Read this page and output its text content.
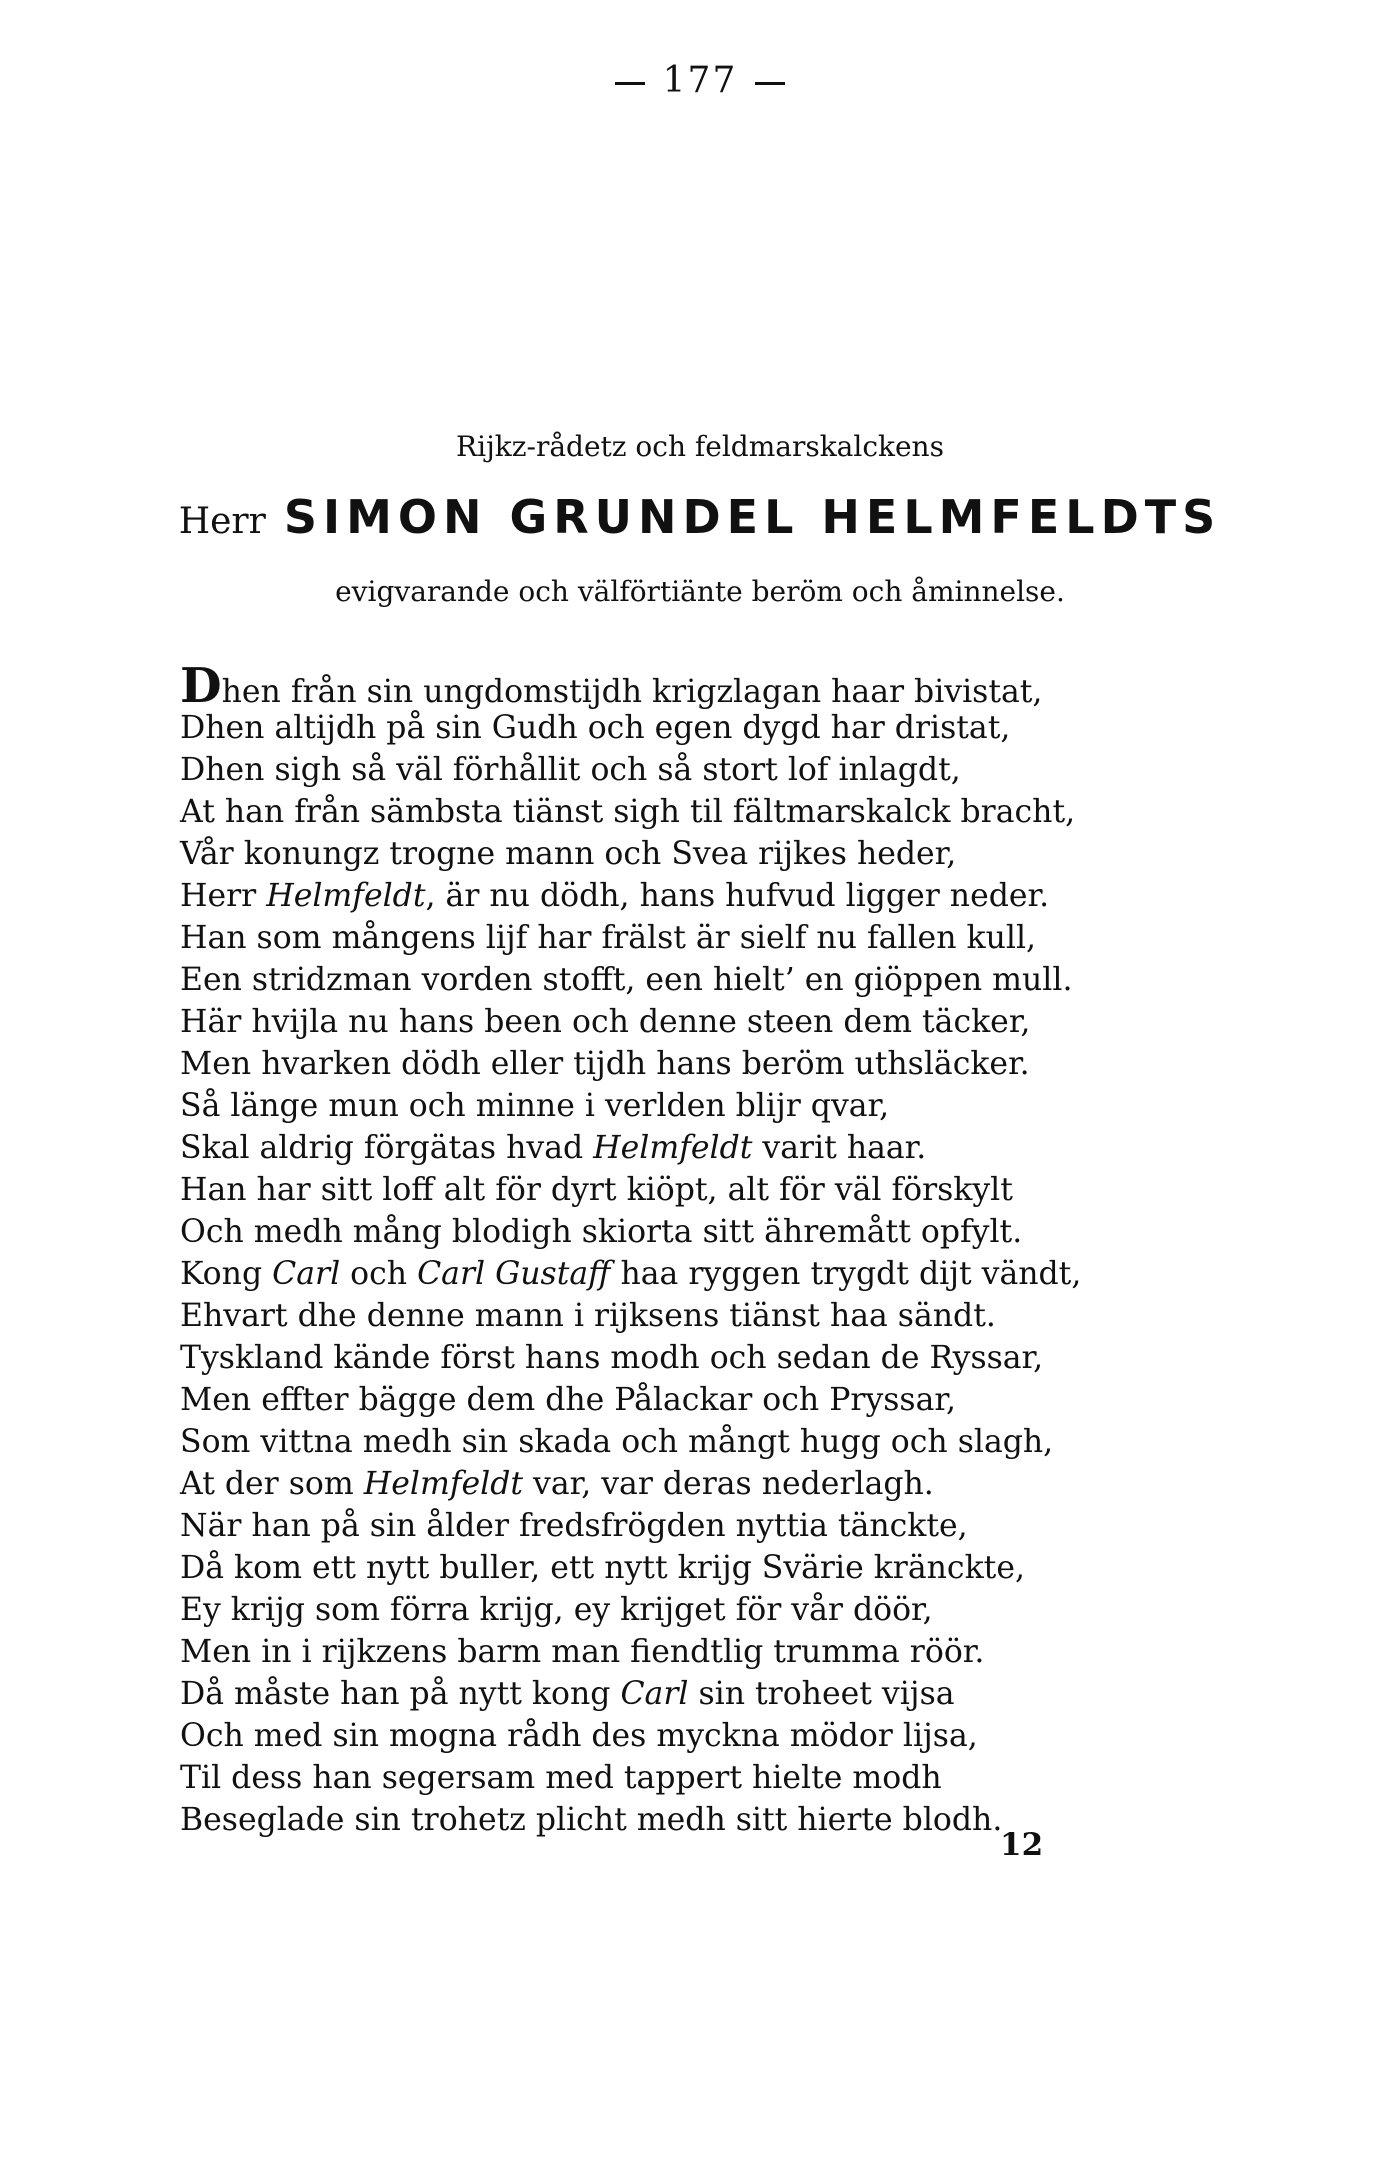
177
Rijkz-rådetz och feldmarskalckens
Herr SIMON GRUNDEL HELMFELDTS
evigvarande och välförtiänte beröm och åminnelse.
Dhen från sin ungdomstijdh krigzlagan haar bivistat,
Dhen altijdh på sin Gudh och egen dygd har dristat,
Dhen sigh så väl förhållit och så stort lof inlagdt,
At han från sämbsta tiänst sigh til fältmarskalck bracht,
Vår konungz trogne mann och Svea rijkes heder,
Herr Helmfeldt, är nu dödh, hans hufvud ligger neder.
Han som mångens lijf har frälst är sielf nu fallen kull,
Een stridzman vorden stofft, een hielt’ en giöppen mull.
Här hvijla nu hans been och denne steen dem täcker,
Men hvarken dödh eller tijdh hans beröm uthsläcker.
Så länge mun och minne i verlden blijr qvar,
Skal aldrig förgätas hvad Helmfeldt varit haar.
Han har sitt loff alt för dyrt kiöpt, alt för väl förskylt
Och medh mång blodigh skiorta sitt ähremått opfylt.
Kong Carl och Carl Gustaff haa ryggen trygdt dijt vändt,
Ehvart dhe denne mann i rijksens tiänst haa sändt.
Tyskland kände först hans modh och sedan de Ryssar,
Men effter bägge dem dhe Pålackar och Pryssar,
Som vittna medh sin skada och mångt hugg och slagh,
At der som Helmfeldt var, var deras nederlagh.
När han på sin ålder fredsfrögden nyttia tänckte,
Då kom ett nytt buller, ett nytt krijg Svärie kränckte,
Ey krijg som förra krijg, ey krijget för vår döör,
Men in i rijkzens barm man fiendtlig trumma röör.
Då måste han på nytt kong Carl sin troheet vijsa
Och med sin mogna rådh des myckna mödor lijsa,
Til dess han segersam med tappert hielte modh
Beseglade sin trohetz plicht medh sitt hierte blodh.
12
